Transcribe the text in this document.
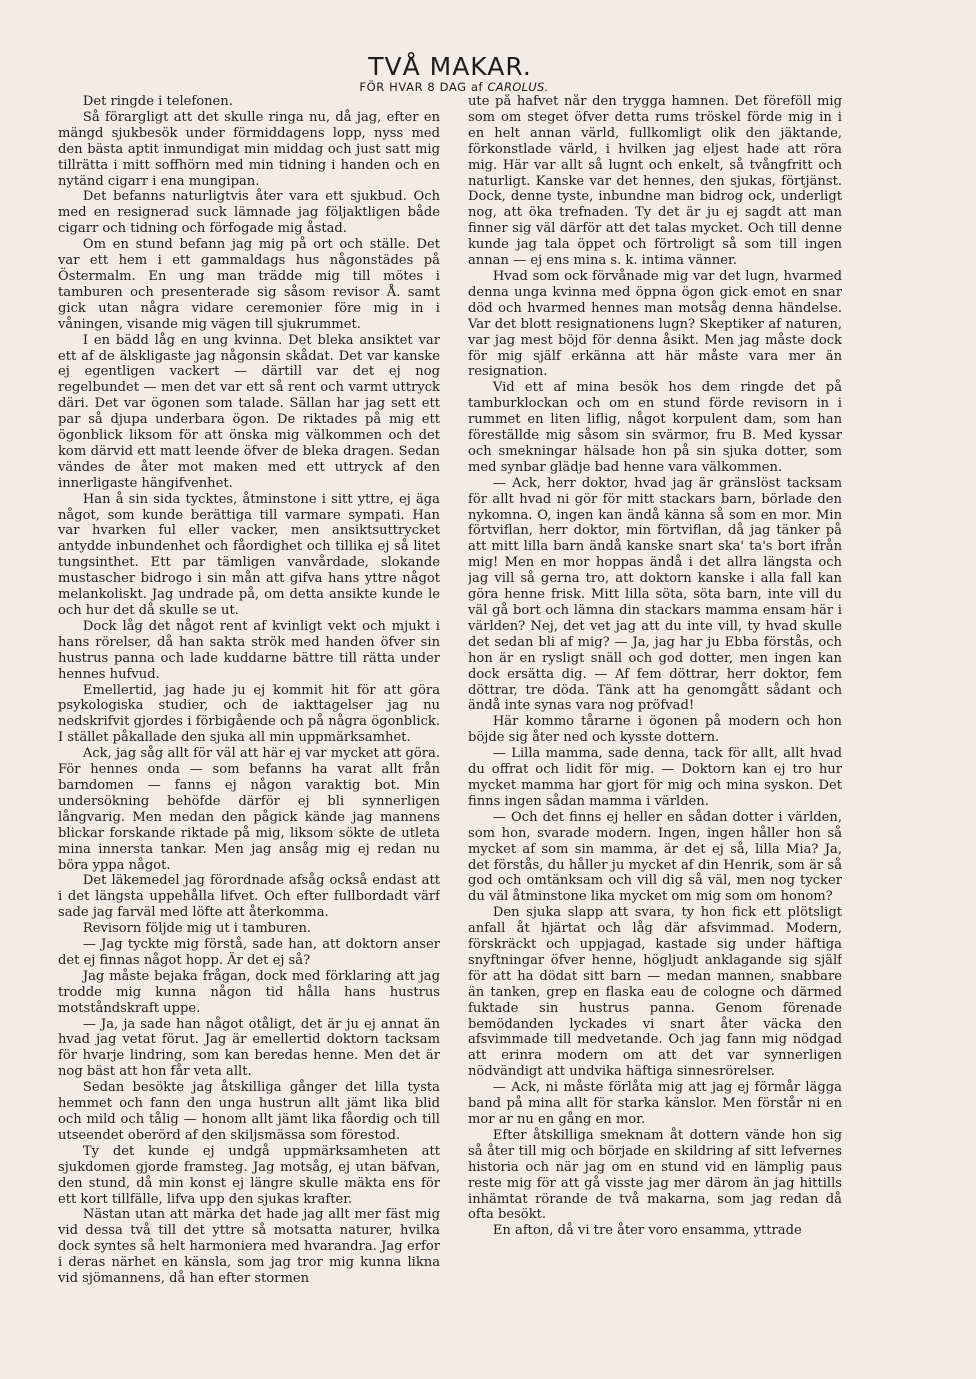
TVÅ MAKAR.
FÖR HVAR 8 DAG af CAROLUS.

Det ringde i telefonen.

Så förargligt att det skulle ringa nu, då jag, efter en mängd sjukbesök under förmiddagens lopp, nyss med den bästa aptit inmundigat min middag och just satt mig tillrätta i mitt soffhörn med min tidning i handen och en nytänd cigarr i ena mungipan.

Det befanns naturligtvis åter vara ett sjukbud. Och med en resignerad suck lämnade jag följaktligen både cigarr och tidning och förfogade mig åstad.

Om en stund befann jag mig på ort och ställe. Det var ett hem i ett gammaldags hus någonstädes på Östermalm. En ung man trädde mig till mötes i tamburen och presenterade sig såsom revisor Å. samt gick utan några vidare ceremonier före mig in i våningen, visande mig vägen till sjukrummet.

I en bädd låg en ung kvinna. Det bleka ansiktet var ett af de älskligaste jag någonsin skådat. Det var kanske ej egentligen vackert — därtill var det ej nog regelbundet — men det var ett så rent och varmt uttryck däri. Det var ögonen som talade. Sällan har jag sett ett par så djupa underbara ögon. De riktades på mig ett ögonblick liksom för att önska mig välkommen och det kom därvid ett matt leende öfver de bleka dragen. Sedan vändes de åter mot maken med ett uttryck af den innerligaste hängifvenhet.

Han å sin sida tycktes, åtminstone i sitt yttre, ej äga något, som kunde berättiga till varmare sympati. Han var hvarken ful eller vacker, men ansiktsuttrycket antydde inbundenhet och fåordighet och tillika ej så litet tungsinthet. Ett par tämligen vanvårdade, slokande mustascher bidrogo i sin mån att gifva hans yttre något melankoliskt. Jag undrade på, om detta ansikte kunde le och hur det då skulle se ut.

Dock låg det något rent af kvinligt vekt och mjukt i hans rörelser, då han sakta strök med handen öfver sin hustrus panna och lade kuddarne bättre till rätta under hennes hufvud.

Emellertid, jag hade ju ej kommit hit för att göra psykologiska studier, och de iakttagelser jag nu nedskrifvit gjordes i förbigående och på några ögonblick. I stället påkallade den sjuka all min uppmärksamhet.

Ack, jag såg allt för väl att här ej var mycket att göra. För hennes onda — som befanns ha varat allt från barndomen — fanns ej någon varaktig bot. Min undersökning behöfde därför ej bli synnerligen långvarig. Men medan den pågick kände jag mannens blickar forskande riktade på mig, liksom sökte de utleta mina innersta tankar. Men jag ansåg mig ej redan nu böra yppa något.

Det läkemedel jag förordnade afsåg också endast att i det längsta uppehålla lifvet. Och efter fullbordadt värf sade jag farväl med löfte att återkomma.

Revisorn följde mig ut i tamburen.

— Jag tyckte mig förstå, sade han, att doktorn anser det ej finnas något hopp. Är det ej så?

Jag måste bejaka frågan, dock med förklaring att jag trodde mig kunna någon tid hålla hans hustrus motståndskraft uppe.

— Ja, ja sade han något otåligt, det är ju ej annat än hvad jag vetat förut. Jag är emellertid doktorn tacksam för hvarje lindring, som kan beredas henne. Men det är nog bäst att hon får veta allt.

Sedan besökte jag åtskilliga gånger det lilla tysta hemmet och fann den unga hustrun allt jämt lika blid och mild och tålig — honom allt jämt lika fåordig och till utseendet oberörd af den skiljsmässa som förestod.

Ty det kunde ej undgå uppmärksamheten att sjukdomen gjorde framsteg. Jag motsåg, ej utan bäfvan, den stund, då min konst ej längre skulle mäkta ens för ett kort tillfälle, lifva upp den sjukas krafter.

Nästan utan att märka det hade jag allt mer fäst mig vid dessa två till det yttre så motsatta naturer, hvilka dock syntes så helt harmoniera med hvarandra. Jag erfor i deras närhet en känsla, som jag tror mig kunna likna vid sjömannens, då han efter stormen

ute på hafvet når den trygga hamnen. Det föreföll mig som om steget öfver detta rums tröskel förde mig in i en helt annan värld, fullkomligt olik den jäktande, förkonstlade värld, i hvilken jag eljest hade att röra mig. Här var allt så lugnt och enkelt, så tvångfritt och naturligt. Kanske var det hennes, den sjukas, förtjänst. Dock, denne tyste, inbundne man bidrog ock, underligt nog, att öka trefnaden. Ty det är ju ej sagdt att man finner sig väl därför att det talas mycket. Och till denne kunde jag tala öppet och förtroligt så som till ingen annan — ej ens mina s. k. intima vänner.

Hvad som ock förvånade mig var det lugn, hvarmed denna unga kvinna med öppna ögon gick emot en snar död och hvarmed hennes man motsåg denna händelse. Var det blott resignationens lugn? Skeptiker af naturen, var jag mest böjd för denna åsikt. Men jag måste dock för mig själf erkänna att här måste vara mer än resignation.

Vid ett af mina besök hos dem ringde det på tamburklockan och om en stund förde revisorn in i rummet en liten liflig, något korpulent dam, som han föreställde mig såsom sin svärmor, fru B. Med kyssar och smekningar hälsade hon på sin sjuka dotter, som med synbar glädje bad henne vara välkommen.

— Ack, herr doktor, hvad jag är gränslöst tacksam för allt hvad ni gör för mitt stackars barn, börlade den nykomna. O, ingen kan ändå känna så som en mor. Min förtviflan, herr doktor, min förtviflan, då jag tänker på att mitt lilla barn ändå kanske snart ska' ta's bort ifrån mig! Men en mor hoppas ändå i det allra längsta och jag vill så gerna tro, att doktorn kanske i alla fall kan göra henne frisk. Mitt lilla söta, söta barn, inte vill du väl gå bort och lämna din stackars mamma ensam här i världen? Nej, det vet jag att du inte vill, ty hvad skulle det sedan bli af mig? — Ja, jag har ju Ebba förstås, och hon är en rysligt snäll och god dotter, men ingen kan dock ersätta dig. — Af fem döttrar, herr doktor, fem döttrar, tre döda. Tänk att ha genomgått sådant och ändå inte synas vara nog pröfvad!

Här kommo tårarne i ögonen på modern och hon böjde sig åter ned och kysste dottern.

— Lilla mamma, sade denna, tack för allt, allt hvad du offrat och lidit för mig. — Doktorn kan ej tro hur mycket mamma har gjort för mig och mina syskon. Det finns ingen sådan mamma i världen.

— Och det finns ej heller en sådan dotter i världen, som hon, svarade modern. Ingen, ingen håller hon så mycket af som sin mamma, är det ej så, lilla Mia? Ja, det förstås, du håller ju mycket af din Henrik, som är så god och omtänksam och vill dig så väl, men nog tycker du väl åtminstone lika mycket om mig som om honom?

Den sjuka slapp att svara, ty hon fick ett plötsligt anfall åt hjärtat och låg där afsvimmad. Modern, förskräckt och uppjagad, kastade sig under häftiga snyftningar öfver henne, högljudt anklagande sig själf för att ha dödat sitt barn — medan mannen, snabbare än tanken, grep en flaska eau de cologne och därmed fuktade sin hustrus panna. Genom förenade bemödanden lyckades vi snart åter väcka den afsvimmade till medvetande. Och jag fann mig nödgad att erinra modern om att det var synnerligen nödvändigt att undvika häftiga sinnesrörelser.

— Ack, ni måste förlåta mig att jag ej förmår lägga band på mina allt för starka känslor. Men förstår ni en mor ar nu en gång en mor.

Efter åtskilliga smeknam åt dottern vände hon sig så åter till mig och började en skildring af sitt lefvernes historia och när jag om en stund vid en lämplig paus reste mig för att gå visste jag mer därom än jag hittills inhämtat rörande de två makarna, som jag redan då ofta besökt.

En afton, då vi tre åter voro ensamma, yttrade
